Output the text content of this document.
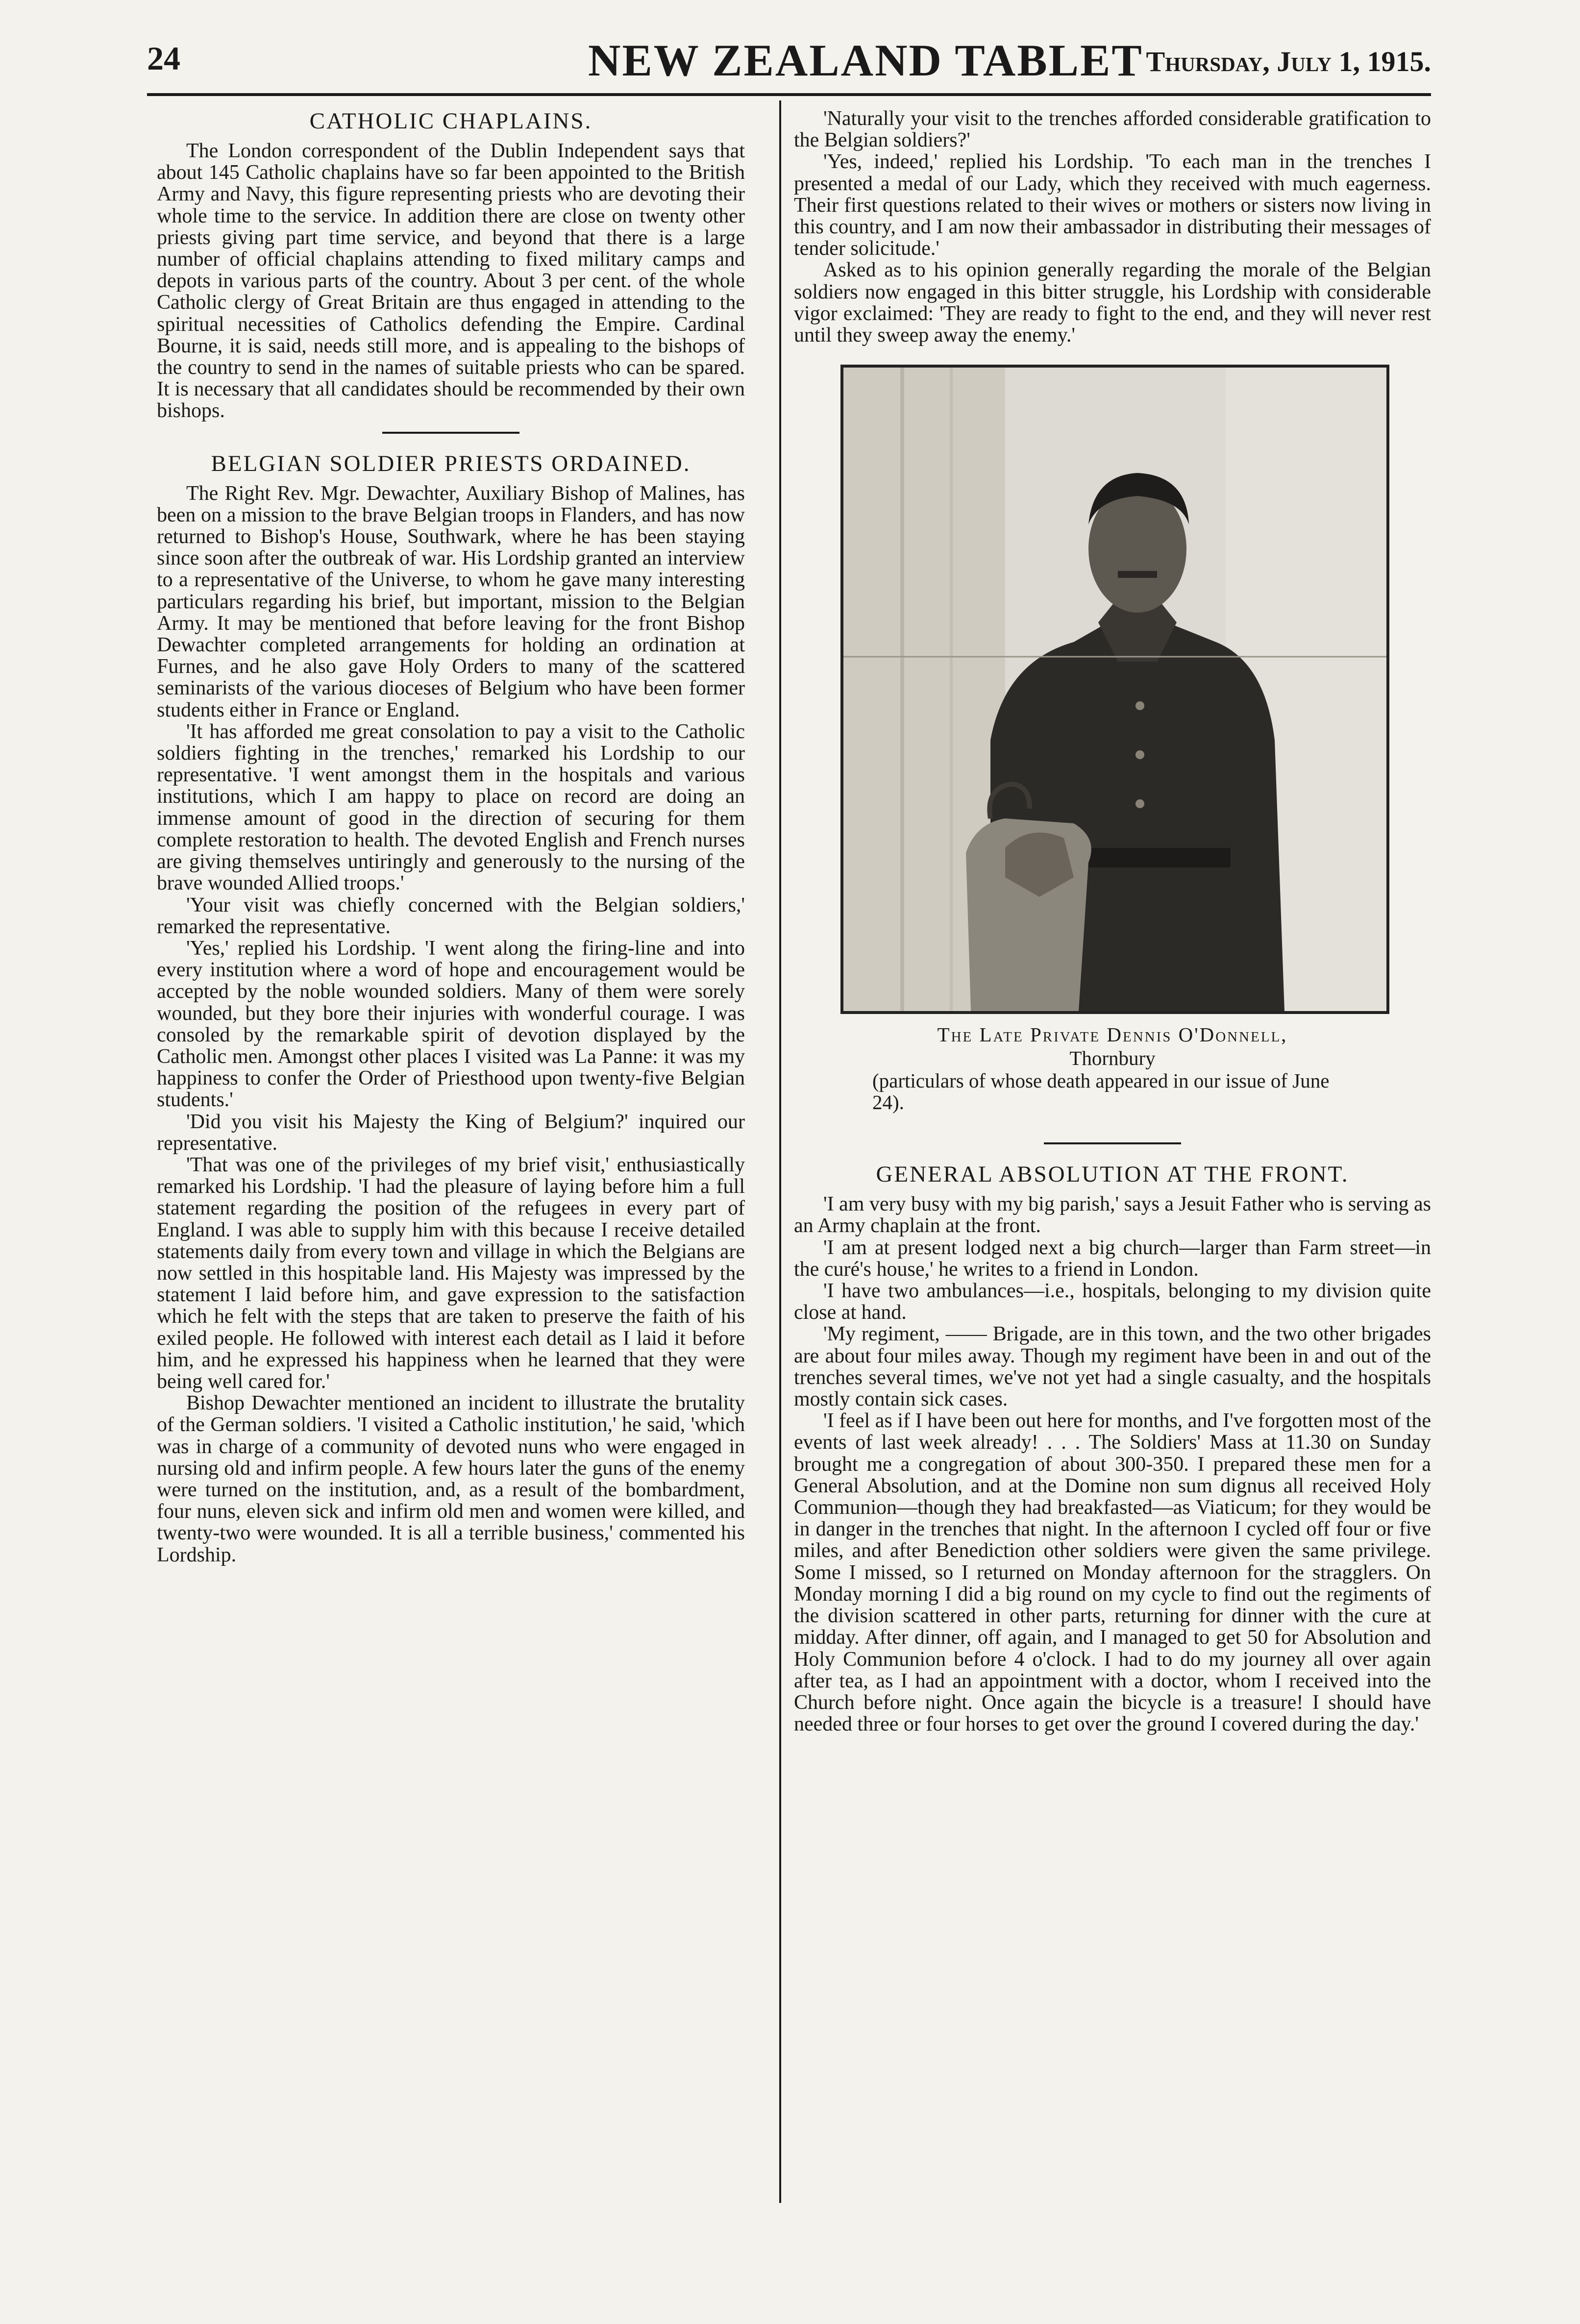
24	NEW ZEALAND TABLET Thursday, July 1, 1915.
CATHOLIC CHAPLAINS.

The London correspondent of the Dublin Independent says that about 145 Catholic chaplains have so far been appointed to the British Army and Navy, this figure representing priests who are devoting their whole time to the service. In addition there are close on twenty other priests giving part time service, and beyond that there is a large number of official chaplains attending to fixed military camps and depots in various parts of the country. About 3 per cent. of the whole Catholic clergy of Great Britain are thus engaged in attending to the spiritual necessities of Catholics defending the Empire. Cardinal Bourne, it is said, needs still more, and is appealing to the bishops of the country to send in the names of suitable priests who can be spared. It is necessary that all candidates should be recommended by their own bishops.

BELGIAN SOLDIER PRIESTS ORDAINED.

The Right Rev. Mgr. Dewachter, Auxiliary Bishop of Malines, has been on a mission to the brave Belgian troops in Flanders, and has now returned to Bishop's House, Southwark, where he has been staying since soon after the outbreak of war. His Lordship granted an interview to a representative of the Universe, to whom he gave many interesting particulars regarding his brief, but important, mission to the Belgian Army. It may be mentioned that before leaving for the front Bishop Dewachter completed arrangements for holding an ordination at Furnes, and he also gave Holy Orders to many of the scattered seminarists of the various dioceses of Belgium who have been former students either in France or England.

'It has afforded me great consolation to pay a visit to the Catholic soldiers fighting in the trenches,' remarked his Lordship to our representative. 'I went amongst them in the hospitals and various institutions, which I am happy to place on record are doing an immense amount of good in the direction of securing for them complete restoration to health. The devoted English and French nurses are giving themselves untiringly and generously to the nursing of the brave wounded Allied troops.'

'Your visit was chiefly concerned with the Belgian soldiers,' remarked the representative.

'Yes,' replied his Lordship. 'I went along the firing-line and into every institution where a word of hope and encouragement would be accepted by the noble wounded soldiers. Many of them were sorely wounded, but they bore their injuries with wonderful courage. I was consoled by the remarkable spirit of devotion displayed by the Catholic men. Amongst other places I visited was La Panne: it was my happiness to confer the Order of Priesthood upon twenty-five Belgian students.'

'Did you visit his Majesty the King of Belgium?' inquired our representative.

'That was one of the privileges of my brief visit,' enthusiastically remarked his Lordship. 'I had the pleasure of laying before him a full statement regarding the position of the refugees in every part of England. I was able to supply him with this because I receive detailed statements daily from every town and village in which the Belgians are now settled in this hospitable land. His Majesty was impressed by the statement I laid before him, and gave expression to the satisfaction which he felt with the steps that are taken to preserve the faith of his exiled people. He followed with interest each detail as I laid it before him, and he expressed his happiness when he learned that they were being well cared for.'

Bishop Dewachter mentioned an incident to illustrate the brutality of the German soldiers. 'I visited a Catholic institution,' he said, 'which was in charge of a community of devoted nuns who were engaged in nursing old and infirm people. A few hours later the guns of the enemy were turned on the institution, and, as a result of the bombardment, four nuns, eleven sick and infirm old men and women were killed, and twenty-two were wounded. It is all a terrible business,' commented his Lordship.

'Naturally your visit to the trenches afforded considerable gratification to the Belgian soldiers?'

'Yes, indeed,' replied his Lordship. 'To each man in the trenches I presented a medal of our Lady, which they received with much eagerness. Their first questions related to their wives or mothers or sisters now living in this country, and I am now their ambassador in distributing their messages of tender solicitude.'

Asked as to his opinion generally regarding the morale of the Belgian soldiers now engaged in this bitter struggle, his Lordship with considerable vigor exclaimed: 'They are ready to fight to the end, and they will never rest until they sweep away the enemy.'

The Late Private Dennis O'Donnell,

Thornbury

(particulars of whose death appeared in our issue of June 24).

GENERAL ABSOLUTION AT THE FRONT.

'I am very busy with my big parish,' says a Jesuit Father who is serving as an Army chaplain at the front.

'I am at present lodged next a big church—larger than Farm street—in the curé's house,' he writes to a friend in London.

'I have two ambulances—i.e., hospitals, belonging to my division quite close at hand.

'My regiment, —— Brigade, are in this town, and the two other brigades are about four miles away. Though my regiment have been in and out of the trenches several times, we've not yet had a single casualty, and the hospitals mostly contain sick cases.

'I feel as if I have been out here for months, and I've forgotten most of the events of last week already! . . . The Soldiers' Mass at 11.30 on Sunday brought me a congregation of about 300-350. I prepared these men for a General Absolution, and at the Domine non sum dignus all received Holy Communion—though they had breakfasted—as Viaticum; for they would be in danger in the trenches that night. In the afternoon I cycled off four or five miles, and after Benediction other soldiers were given the same privilege. Some I missed, so I returned on Monday afternoon for the stragglers. On Monday morning I did a big round on my cycle to find out the regiments of the division scattered in other parts, returning for dinner with the cure at midday. After dinner, off again, and I managed to get 50 for Absolution and Holy Communion before 4 o'clock. I had to do my journey all over again after tea, as I had an appointment with a doctor, whom I received into the Church before night. Once again the bicycle is a treasure! I should have needed three or four horses to get over the ground I covered during the day.'
